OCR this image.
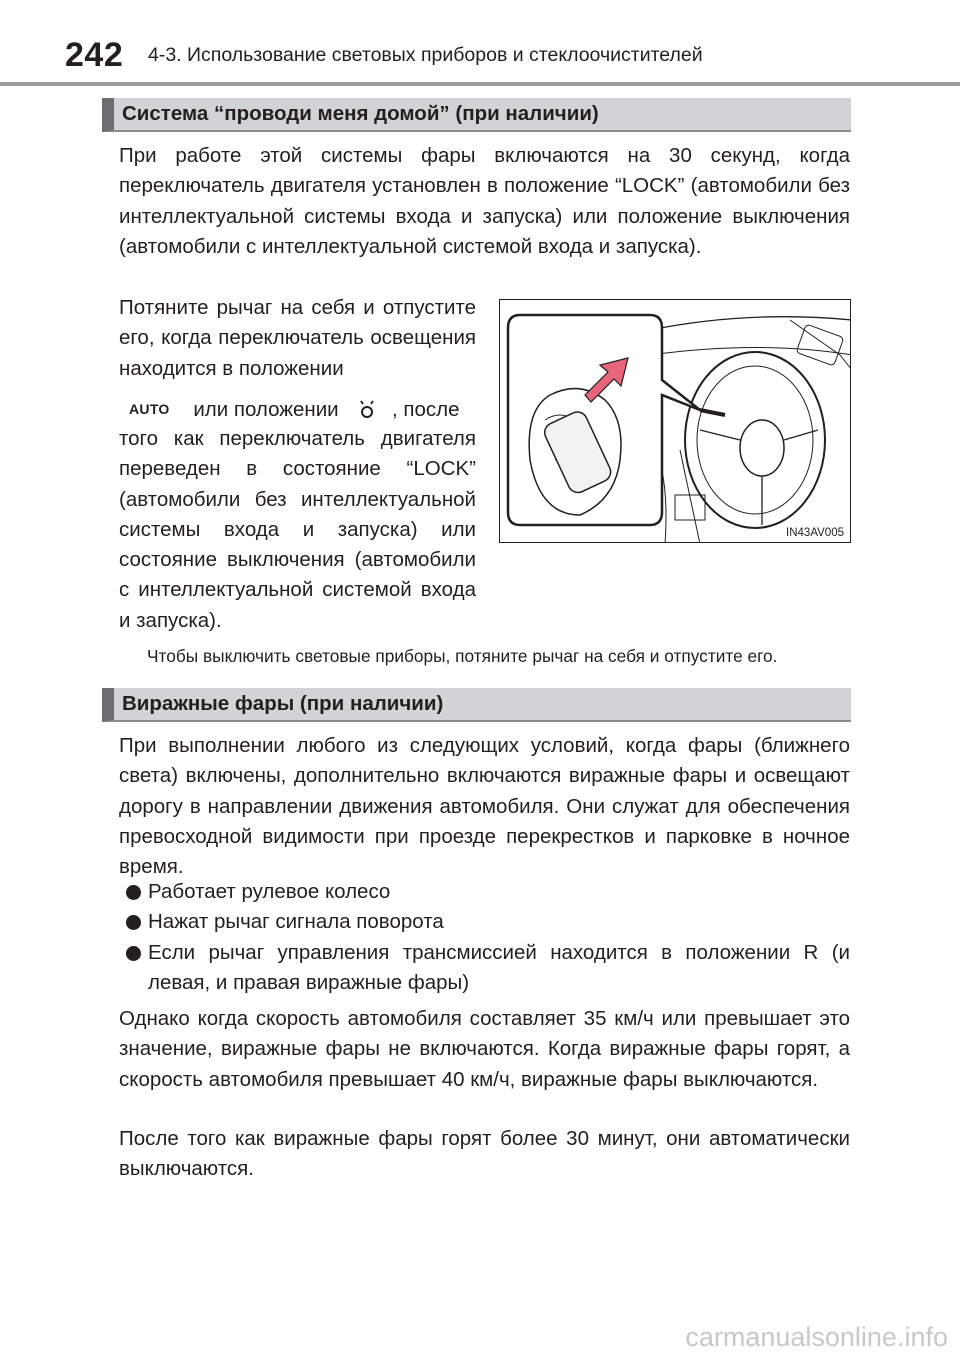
242 4-3. Использование световых приборов и стеклоочистителей
Система “проводи меня домой” (при наличии)

При работе этой системы фары включаются на 30 секунд, когда переключатель двигателя установлен в положение “LOCK” (автомобили без интеллектуальной системы входа и запуска) или положение выключения (автомобили с интеллектуальной системой входа и запуска).

Потяните рычаг на себя и отпустите его, когда переключатель освещения находится в положении

AUTO или положении	, после

того как переключатель двигателя переведен в состояние “LOCK” (автомобили без интеллектуальной системы входа и запуска) или состояние выключения (автомобили с интеллектуальной системой входа и запуска).

IN43AV005
Чтобы выключить световые приборы, потяните рычаг на себя и отпустите его.
Виражные фары (при наличии)

При выполнении любого из следующих условий, когда фары (ближнего света) включены, дополнительно включаются виражные фары и освещают дорогу в направлении движения автомобиля. Они служат для обеспечения превосходной видимости при проезде перекрестков и парковке в ночное время.

Работает рулевое колесо
Нажат рычаг сигнала поворота
Если рычаг управления трансмиссией находится в положении R (и левая, и правая виражные фары)

Однако когда скорость автомобиля составляет 35 км/ч или превышает это значение, виражные фары не включаются. Когда виражные фары горят, а скорость автомобиля превышает 40 км/ч, виражные фары выключаются.

После того как виражные фары горят более 30 минут, они автоматически выключаются.

carmanualsonline.info
